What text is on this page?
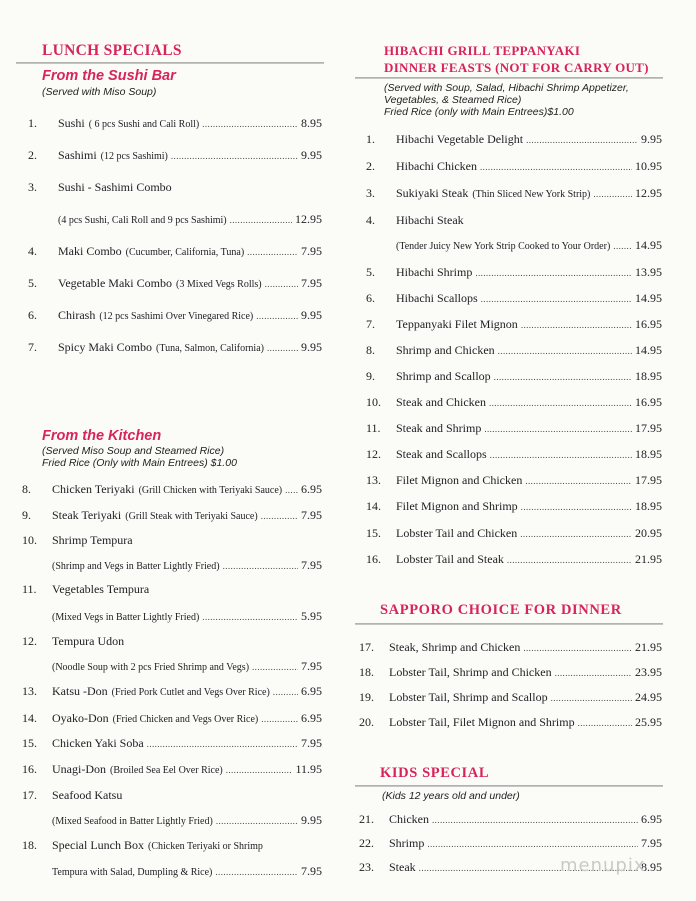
LUNCH SPECIALS
From the Sushi Bar

(Served with Miso Soup)

1.	Sushi ( 6 pcs Sushi and Cali Roll) .....	8.95
2.	Sashimi (12 pcs Sashimi) .....	9.95
3.	Sushi - Sashimi Combo
(4 pcs Sushi, Cali Roll and 9 pcs Sashimi) .....	12.95
4.	Maki Combo (Cucumber, California, Tuna) .....	7.95
5.	Vegetable Maki Combo (3 Mixed Vegs Rolls) .....	7.95
6.	Chirash (12 pcs Sashimi Over Vinegared Rice) .....	9.95
7.	Spicy Maki Combo (Tuna, Salmon, California) .....	9.95
From the Kitchen

(Served Miso Soup and Steamed Rice)
Fried Rice (Only with Main Entrees) $1.00

8.	Chicken Teriyaki (Grill Chicken with Teriyaki Sauce) ..... 6.95
9.	Steak Teriyaki (Grill Steak with Teriyaki Sauce) .....	7.95
10.	Shrimp Tempura
(Shrimp and Vegs in Batter Lightly Fried) .....	7.95
11.	Vegetables Tempura
(Mixed Vegs in Batter Lightly Fried) .....	5.95
12.	Tempura Udon
(Noodle Soup with 2 pcs Fried Shrimp and Vegs) .....	7.95
13.	Katsu -Don (Fried Pork Cutlet and Vegs Over Rice) .....	6.95
14.	Oyako-Don (Fried Chicken and Vegs Over Rice) .....	6.95
15.	Chicken Yaki Soba .....	7.95
16.	Unagi-Don (Broiled Sea Eel Over Rice) .....	11.95
17.	Seafood Katsu
(Mixed Seafood in Batter Lightly Fried) .....	9.95
18.	Special Lunch Box (Chicken Teriyaki or Shrimp
Tempura with Salad, Dumpling & Rice) .....	7.95
HIBACHI GRILL TEPPANYAKI
DINNER FEASTS (NOT FOR CARRY OUT)

(Served with Soup, Salad, Hibachi Shrimp Appetizer,
Vegetables, & Steamed Rice)
Fried Rice (only with Main Entrees)$1.00

1.	Hibachi Vegetable Delight .....	9.95
2.	Hibachi Chicken .....	10.95
3.	Sukiyaki Steak (Thin Sliced New York Strip) .....	12.95
4.	Hibachi Steak
(Tender Juicy New York Strip Cooked to Your Order) ..... 14.95
5.	Hibachi Shrimp .....	13.95
6.	Hibachi Scallops .....	14.95
7.	Teppanyaki Filet Mignon .....	16.95
8.	Shrimp and Chicken .....	14.95
9.	Shrimp and Scallop .....	18.95
10.	Steak and Chicken .....	16.95
11.	Steak and Shrimp .....	17.95
12.	Steak and Scallops .....	18.95
13.	Filet Mignon and Chicken .....	17.95
14.	Filet Mignon and Shrimp .....	18.95
15.	Lobster Tail and Chicken .....	20.95
16.	Lobster Tail and Steak .....	21.95
SAPPORO CHOICE FOR DINNER
17.	Steak, Shrimp and Chicken .....	21.95
18.	Lobster Tail, Shrimp and Chicken .....	23.95
19.	Lobster Tail, Shrimp and Scallop .....	24.95
20.	Lobster Tail, Filet Mignon and Shrimp .....	25.95
KIDS SPECIAL

(Kids 12 years old and under)

21.	Chicken .....	6.95
22.	Shrimp .....	7.95
23.	Steak .....	8.95
menupix
